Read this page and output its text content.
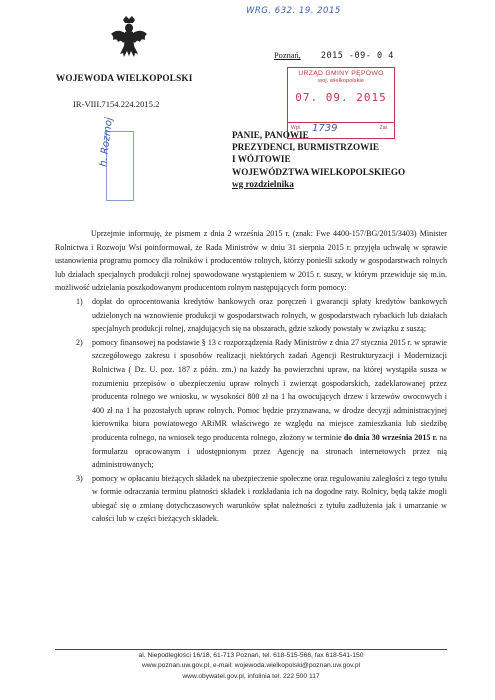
WRG. 632. 19. 2015
WOJEWODA WIELKOPOLSKI
IR-VIII.7154.224.2015.2
Poznań, 2015 -09- 0 4
URZĄD GMINY PĘPOWO
woj. wielkopolskie
07. 09. 2015
Wpł. 1739	Zał.
h. Rozmoj	PANIE, PANOWIE
PREZYDENCI, BURMISTRZOWIE
I WÓJTOWIE
WOJEWÓDZTWA WIELKOPOLSKIEGO
wg rozdzielnika

Uprzejmie informuję, że pismem z dnia 2 września 2015 r. (znak: Fwe 4400-157/BG/2015/3403) Minister Rolnictwa i Rozwoju Wsi poinformował, że Rada Ministrów w dniu 31 sierpnia 2015 r. przyjęła uchwałę w sprawie ustanowienia programu pomocy dla rolników i producentów rolnych, którzy ponieśli szkody w gospodarstwach rolnych lub działach specjalnych produkcji rolnej spowodowane wystąpieniem w 2015 r. suszy, w którym przewiduje się m.in. możliwość udzielania poszkodowanym producentom rolnym następujących form pomocy:

1) dopłat do oprocentowania kredytów bankowych oraz poręczeń i gwarancji spłaty kredytów bankowych udzielonych na wznowienie produkcji w gospodarstwach rolnych, w gospodarstwach rybackich lub działach specjalnych produkcji rolnej, znajdujących się na obszarach, gdzie szkody powstały w związku z suszą;

2) pomocy finansowej na podstawie § 13 c rozporządzenia Rady Ministrów z dnia 27 stycznia 2015 r. w sprawie szczegółowego zakresu i sposobów realizacji niektórych zadań Agencji Restrukturyzacji i Modernizacji Rolnictwa ( Dz. U. poz. 187 z późn. zm.) na każdy ha powierzchni upraw, na której wystąpiła susza w rozumieniu przepisów o ubezpieczeniu upraw rolnych i zwierząt gospodarskich, zadeklarowanej przez producenta rolnego we wniosku, w wysokości 800 zł na 1 ha owocujących drzew i krzewów owocowych i 400 zł na 1 ha pozostałych upraw rolnych. Pomoc będzie przyznawana, w drodze decyzji administracyjnej kierownika biura powiatowego ARiMR właściwego ze względu na miejsce zamieszkania lub siedzibę producenta rolnego, na wniosek tego producenta rolnego, złożony w terminie do dnia 30 września 2015 r. na formularzu opracowanym i udostępnionym przez Agencję na stronach internetowych przez nią administrowanych;

3) pomocy w opłacaniu bieżących składek na ubezpieczenie społeczne oraz regulowaniu zaległości z tego tytułu w formie odraczania terminu płatności składek i rozkładania ich na dogodne raty. Rolnicy, będą także mogli ubiegać się o zmianę dotychczasowych warunków spłat należności z tytułu zadłużenia jak i umarzanie w całości lub w części bieżących składek.

al. Niepodległości 16/18, 61-713 Poznań, tel. 618-515-566, fax 618-541-150
www.poznan.uw.gov.pl, e-mail: wojewoda.wielkopolski@poznan.uw.gov.pl
www.obywatel.gov.pl, infolinia tel. 222 500 117
